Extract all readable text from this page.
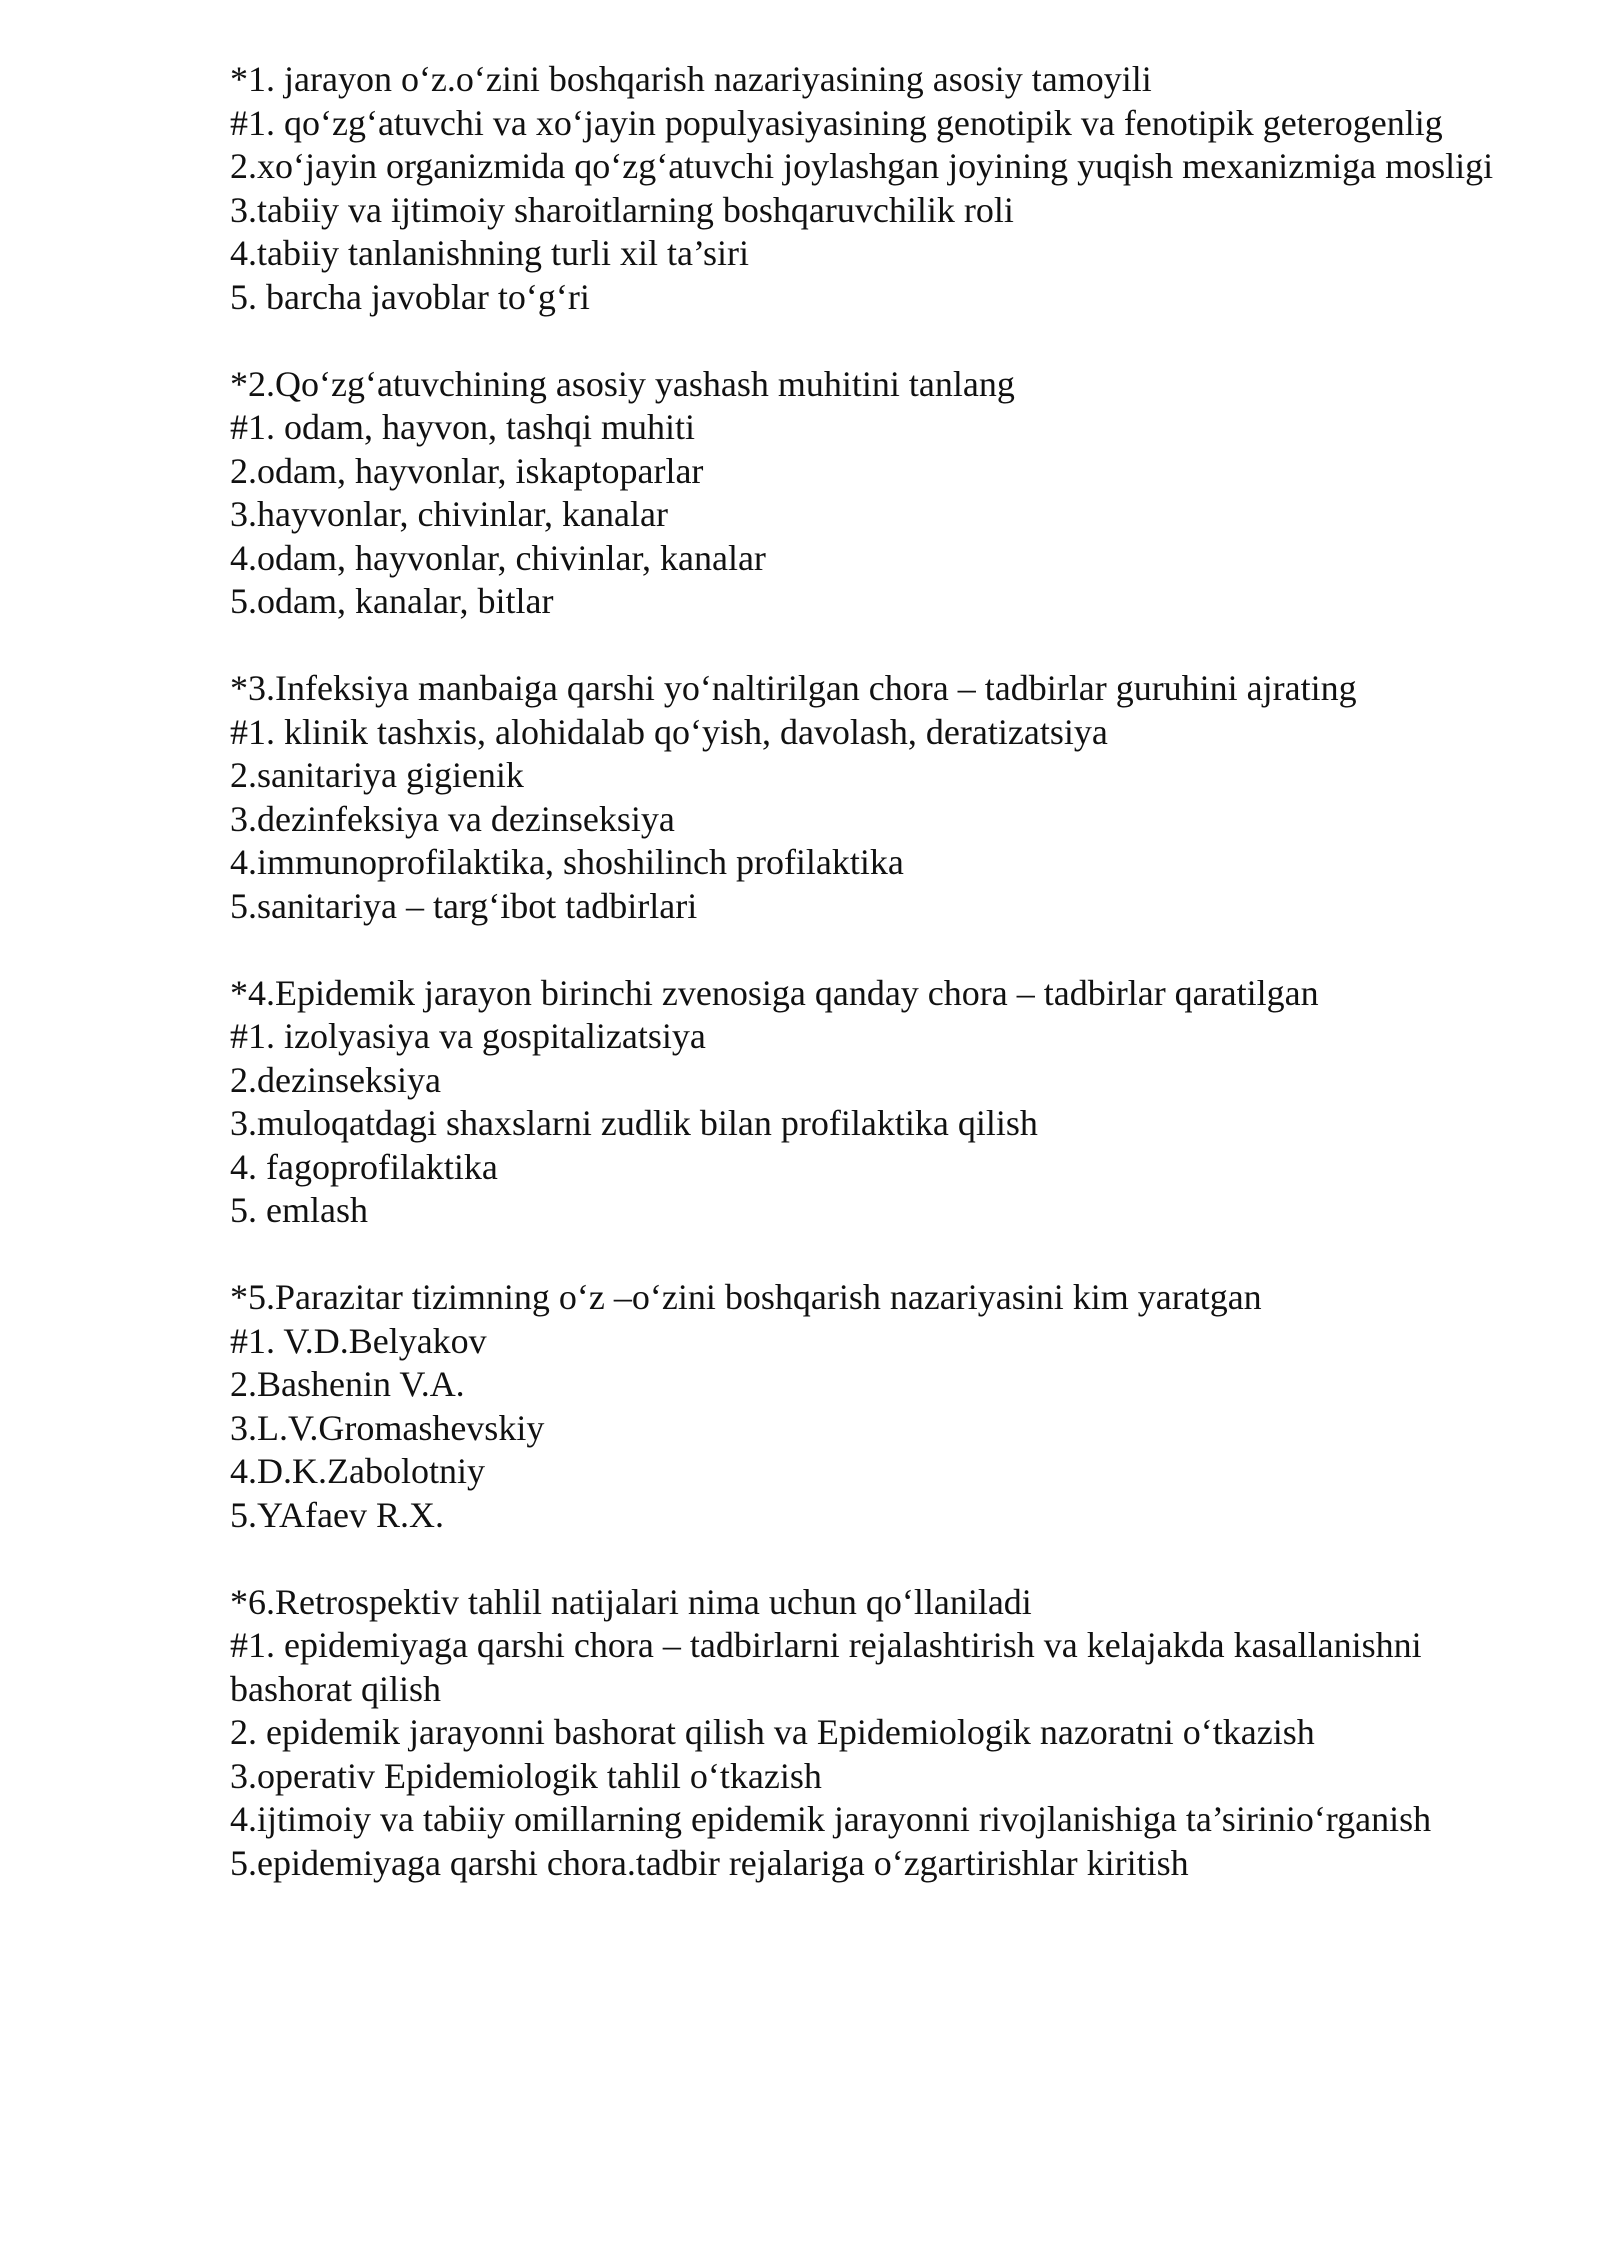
*1. jarayon o‘z.o‘zini boshqarish nazariyasining asosiy tamoyili
#1. qo‘zg‘atuvchi va xo‘jayin populyasiyasining genotipik va fenotipik geterogenlig
2.xo‘jayin organizmida qo‘zg‘atuvchi joylashgan joyining yuqish mexanizmiga mosligi
3.tabiiy va ijtimoiy sharoitlarning boshqaruvchilik roli
4.tabiiy tanlanishning turli xil ta’siri
5. barcha javoblar to‘g‘ri
*2.Qo‘zg‘atuvchining asosiy yashash muhitini tanlang
#1. odam, hayvon, tashqi muhiti
2.odam, hayvonlar, iskaptoparlar
3.hayvonlar, chivinlar, kanalar
4.odam, hayvonlar, chivinlar, kanalar
5.odam, kanalar, bitlar
*3.Infeksiya manbaiga qarshi yo‘naltirilgan chora – tadbirlar guruhini ajrating
#1. klinik tashxis, alohidalab qo‘yish, davolash, deratizatsiya
2.sanitariya gigienik
3.dezinfeksiya va dezinseksiya
4.immunoprofilaktika, shoshilinch profilaktika
5.sanitariya – targ‘ibot tadbirlari
*4.Epidemik jarayon birinchi zvenosiga qanday chora – tadbirlar qaratilgan
#1. izolyasiya va gospitalizatsiya
2.dezinseksiya
3.muloqatdagi shaxslarni zudlik bilan profilaktika qilish
4. fagoprofilaktika
5. emlash
*5.Parazitar tizimning o‘z –o‘zini boshqarish nazariyasini kim yaratgan
#1. V.D.Belyakov
2.Bashenin V.A.
3.L.V.Gromashevskiy
4.D.K.Zabolotniy
5.YAfaev R.X.
*6.Retrospektiv tahlil natijalari nima uchun qo‘llaniladi
#1. epidemiyaga qarshi chora – tadbirlarni rejalashtirish va kelajakda kasallanishni bashorat qilish
2. epidemik jarayonni bashorat qilish va Epidemiologik nazoratni o‘tkazish
3.operativ Epidemiologik tahlil o‘tkazish
4.ijtimoiy va tabiiy omillarning epidemik jarayonni rivojlanishiga ta’sirinio‘rganish
5.epidemiyaga qarshi chora.tadbir rejalariga o‘zgartirishlar kiritish
